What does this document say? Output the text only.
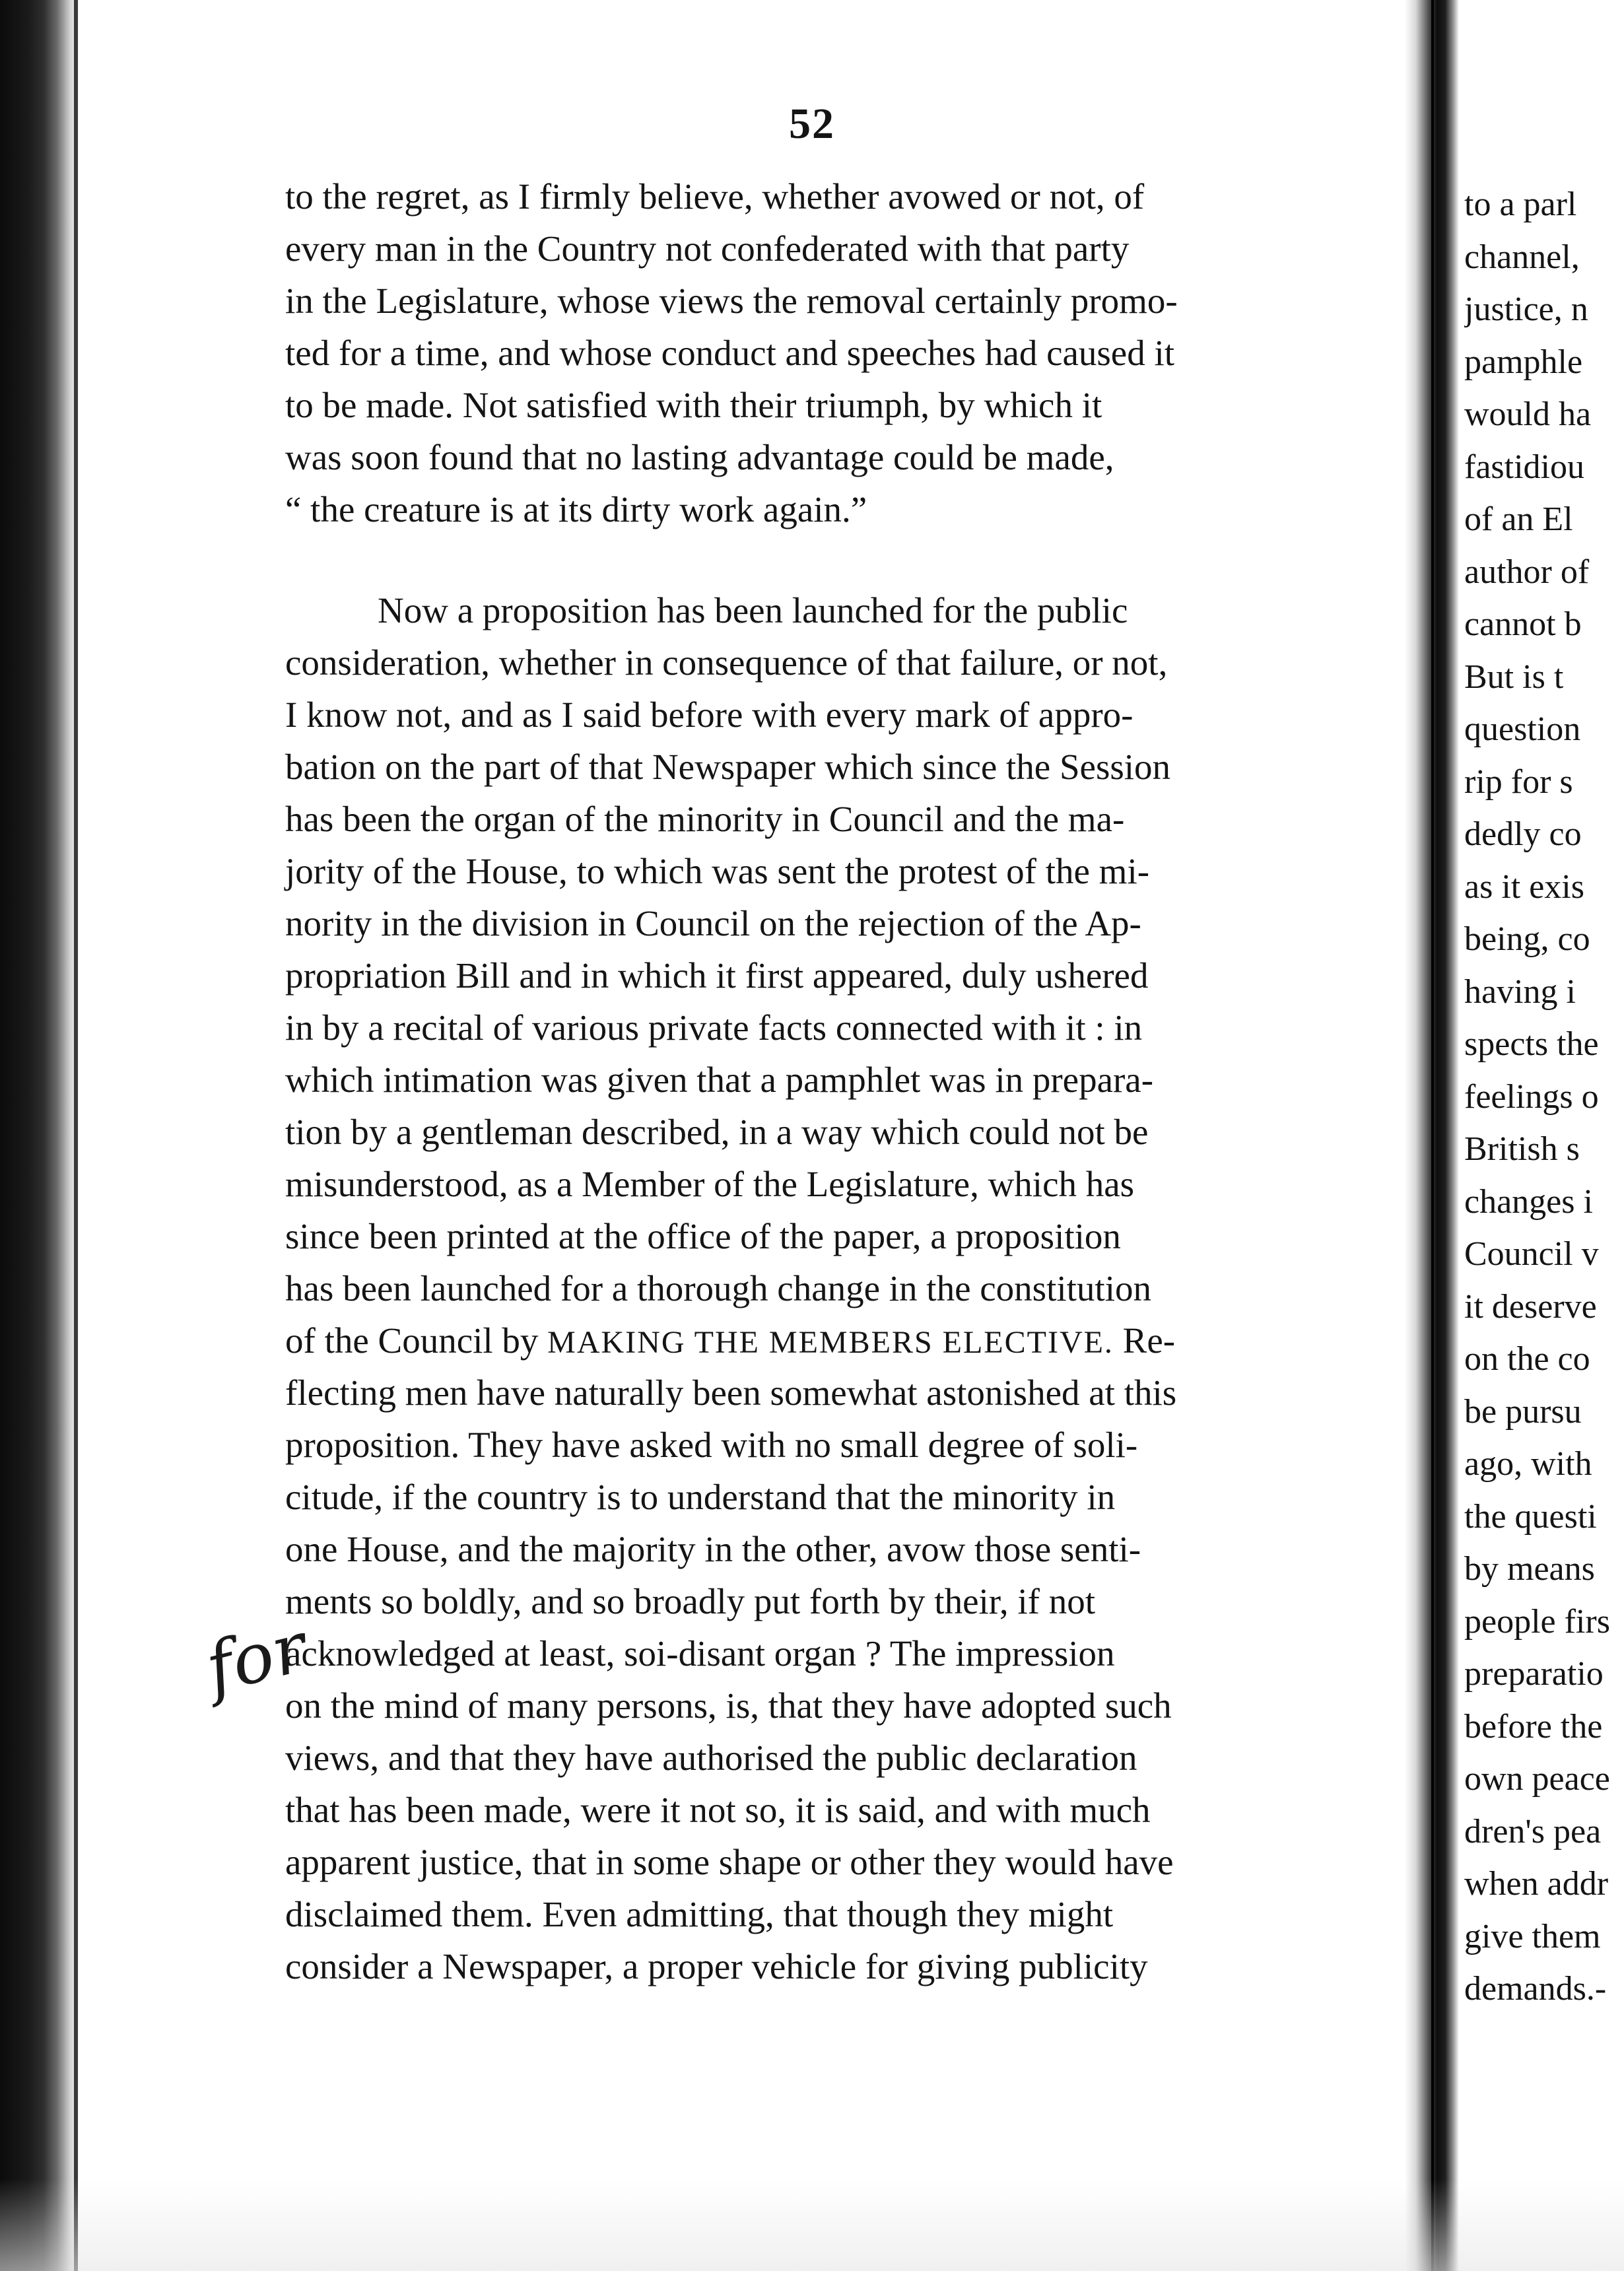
52
to the regret, as I firmly believe, whether avowed or not, of
every man in the Country not confederated with that party
in the Legislature, whose views the removal certainly promo-
ted for a time, and whose conduct and speeches had caused it
to be made. Not satisfied with their triumph, by which it
was soon found that no lasting advantage could be made,
“ the creature is at its dirty work again.”
Now a proposition has been launched for the public
consideration, whether in consequence of that failure, or not,
I know not, and as I said before with every mark of appro-
bation on the part of that Newspaper which since the Session
has been the organ of the minority in Council and the ma-
jority of the House, to which was sent the protest of the mi-
nority in the division in Council on the rejection of the Ap-
propriation Bill and in which it first appeared, duly ushered
in by a recital of various private facts connected with it : in
which intimation was given that a pamphlet was in prepara-
tion by a gentleman described, in a way which could not be
misunderstood, as a Member of the Legislature, which has
since been printed at the office of the paper, a proposition
has been launched for a thorough change in the constitution
of the Council by MAKING THE MEMBERS ELECTIVE. Re-
flecting men have naturally been somewhat astonished at this
proposition. They have asked with no small degree of soli-
citude, if the country is to understand that the minority in
one House, and the majority in the other, avow those senti-
ments so boldly, and so broadly put forth by their, if not
acknowledged at least, soi-disant organ ? The impression
on the mind of many persons, is, that they have adopted such
views, and that they have authorised the public declaration
that has been made, were it not so, it is said, and with much
apparent justice, that in some shape or other they would have
disclaimed them. Even admitting, that though they might
consider a Newspaper, a proper vehicle for giving publicity
for
to a parl
channel,
justice, n
pamphle
would ha
fastidiou
of an El
author of
cannot b
But is t
question
rip for s
dedly co
as it exis
being, co
having i
spects the
feelings o
British s
changes i
Council v
it deserve
on the co
be pursu
ago, with
the questi
by means
people firs
preparatio
before the
own peace
dren's pea
when addr
give them
demands.-
